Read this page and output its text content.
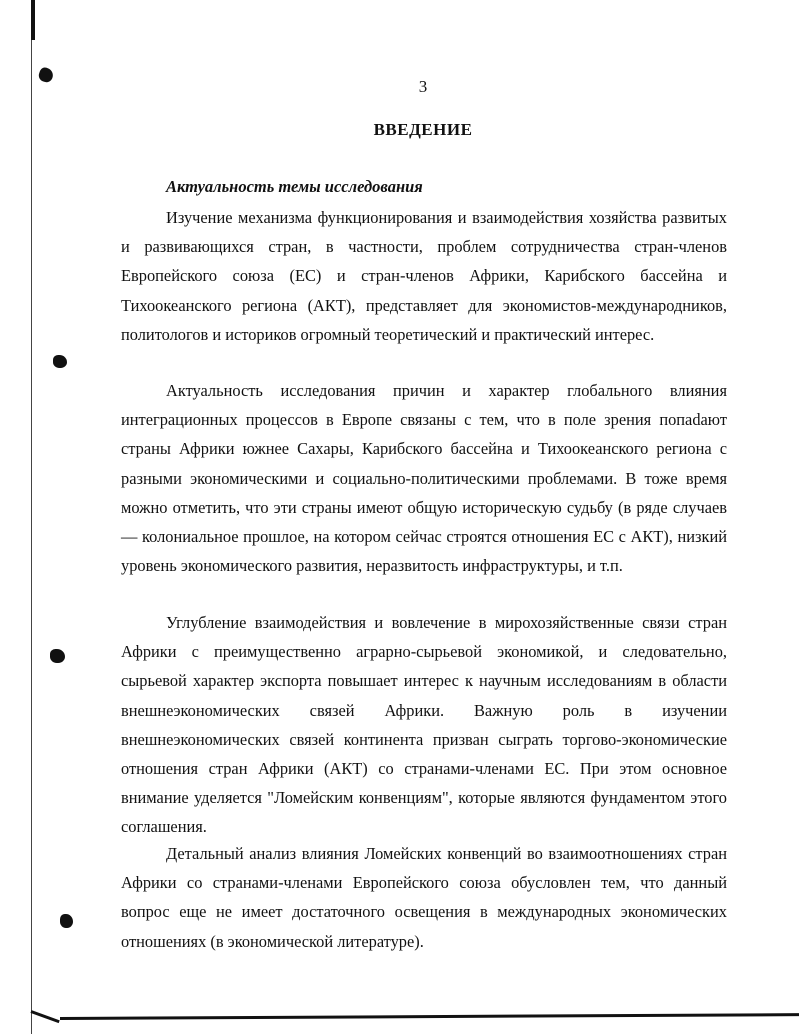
3
ВВЕДЕНИЕ
Актуальность темы исследования

Изучение механизма функционирования и взаимодействия хозяйства развитых и развивающихся стран, в частности, проблем сотрудничества стран-членов Европейского союза (ЕС) и стран-членов Африки, Карибского бассейна и Тихоокеанского региона (АКТ), представляет для экономистов-международников, политологов и историков огромный теоретический и практический интерес.

Актуальность исследования причин и характер глобального влияния интеграционных процессов в Европе связаны с тем, что в поле зрения попаdают страны Африки южнее Сахары, Карибского бассейна и Тихоокеанского региона с разными экономическими и социально-политическими проблемами. В тоже время можно отметить, что эти страны имеют общую историческую судьбу (в ряде случаев — колониальное прошлое, на котором сейчас строятся отношения ЕС с АКТ), низкий уровень экономического развития, неразвитость инфраструктуры, и т.п.

Углубление взаимодействия и вовлечение в мирохозяйственные связи стран Африки с преимущественно аграрно-сырьевой экономикой, и следовательно, сырьевой характер экспорта повышает интерес к научным исследованиям в области внешнеэкономических связей Африки. Важную роль в изучении внешнеэкономических связей континента призван сыграть торгово-экономические отношения стран Африки (АКТ) со странами-членами ЕС. При этом основное внимание уделяется "Ломейским конвенциям", которые являются фундаментом этого соглашения.

Детальный анализ влияния Ломейских конвенций во взаимоотношениях стран Африки со странами-членами Европейского союза обусловлен тем, что данный вопрос еще не имеет достаточного освещения в международных экономических отношениях (в экономической литературе).
